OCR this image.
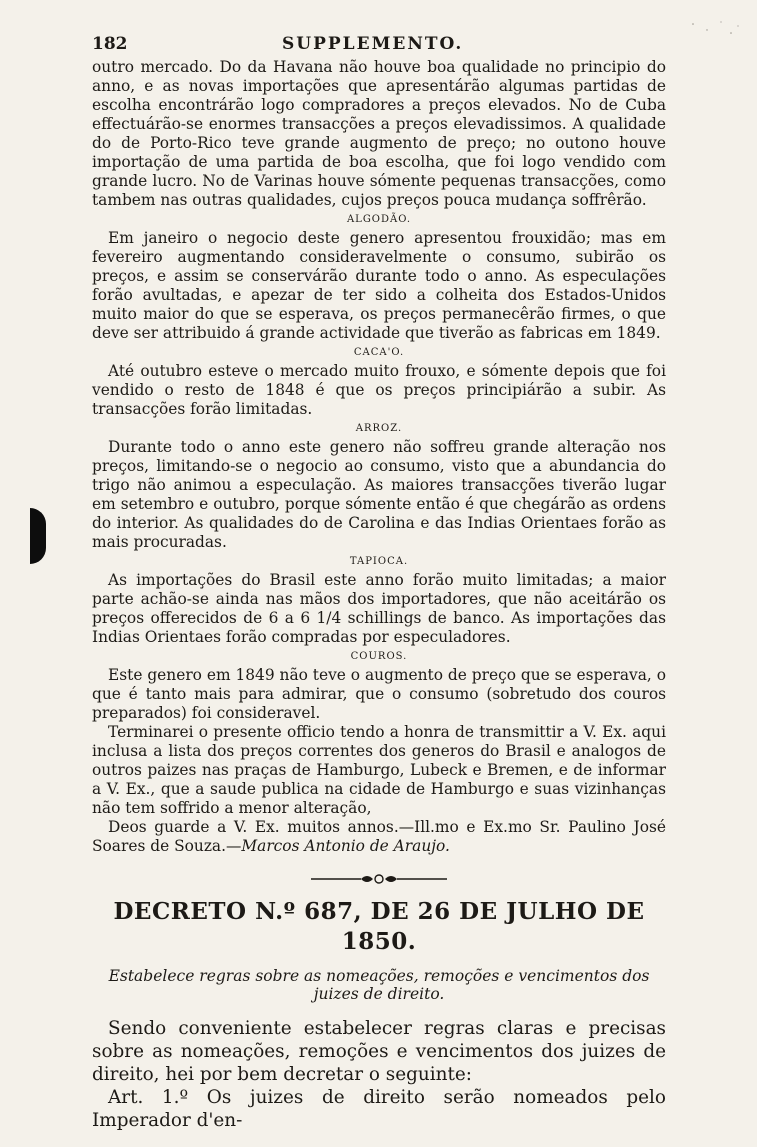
182	SUPPLEMENTO.

outro mercado. Do da Havana não houve boa qualidade no principio do anno, e as novas importações que apresentárão algumas partidas de escolha encontrárão logo compradores a preços elevados. No de Cuba effectuárão-se enormes transacções a preços elevadissimos. A qualidade do de Porto-Rico teve grande augmento de preço; no outono houve importação de uma partida de boa escolha, que foi logo vendido com grande lucro. No de Varinas houve sómente pequenas transacções, como tambem nas outras qualidades, cujos preços pouca mudança soffrêrão.

ALGODÃO.

Em janeiro o negocio deste genero apresentou frouxidão; mas em fevereiro augmentando consideravelmente o consumo, subirão os preços, e assim se conservárão durante todo o anno. As especulações forão avultadas, e apezar de ter sido a colheita dos Estados-Unidos muito maior do que se esperava, os preços permanecêrão firmes, o que deve ser attribuido á grande actividade que tiverão as fabricas em 1849.

CACA'O.

Até outubro esteve o mercado muito frouxo, e sómente depois que foi vendido o resto de 1848 é que os preços principiárão a subir. As transacções forão limitadas.

ARROZ.

Durante todo o anno este genero não soffreu grande alteração nos preços, limitando-se o negocio ao consumo, visto que a abundancia do trigo não animou a especulação. As maiores transacções tiverão lugar em setembro e outubro, porque sómente então é que chegárão as ordens do interior. As qualidades do de Carolina e das Indias Orientaes forão as mais procuradas.

TAPIOCA.

As importações do Brasil este anno forão muito limitadas; a maior parte achão-se ainda nas mãos dos importadores, que não aceitárão os preços offerecidos de 6 a 6 1/4 schillings de banco. As importações das Indias Orientaes forão compradas por especuladores.

COUROS.

Este genero em 1849 não teve o augmento de preço que se esperava, o que é tanto mais para admirar, que o consumo (sobretudo dos couros preparados) foi consideravel.

Terminarei o presente officio tendo a honra de transmittir a V. Ex. aqui inclusa a lista dos preços correntes dos generos do Brasil e analogos de outros paizes nas praças de Hamburgo, Lubeck e Bremen, e de informar a V. Ex., que a saude publica na cidade de Hamburgo e suas vizinhanças não tem soffrido a menor alteração,

Deos guarde a V. Ex. muitos annos.—Ill.mo e Ex.mo Sr. Paulino José Soares de Souza.—Marcos Antonio de Araujo.

DECRETO N.º 687, DE 26 DE JULHO DE 1850.
Estabelece regras sobre as nomeações, remoções e vencimentos dos juizes de direito.

Sendo conveniente estabelecer regras claras e precisas sobre as nomeações, remoções e vencimentos dos juizes de direito, hei por bem decretar o seguinte:

Art. 1.º Os juizes de direito serão nomeados pelo Imperador d'en-
